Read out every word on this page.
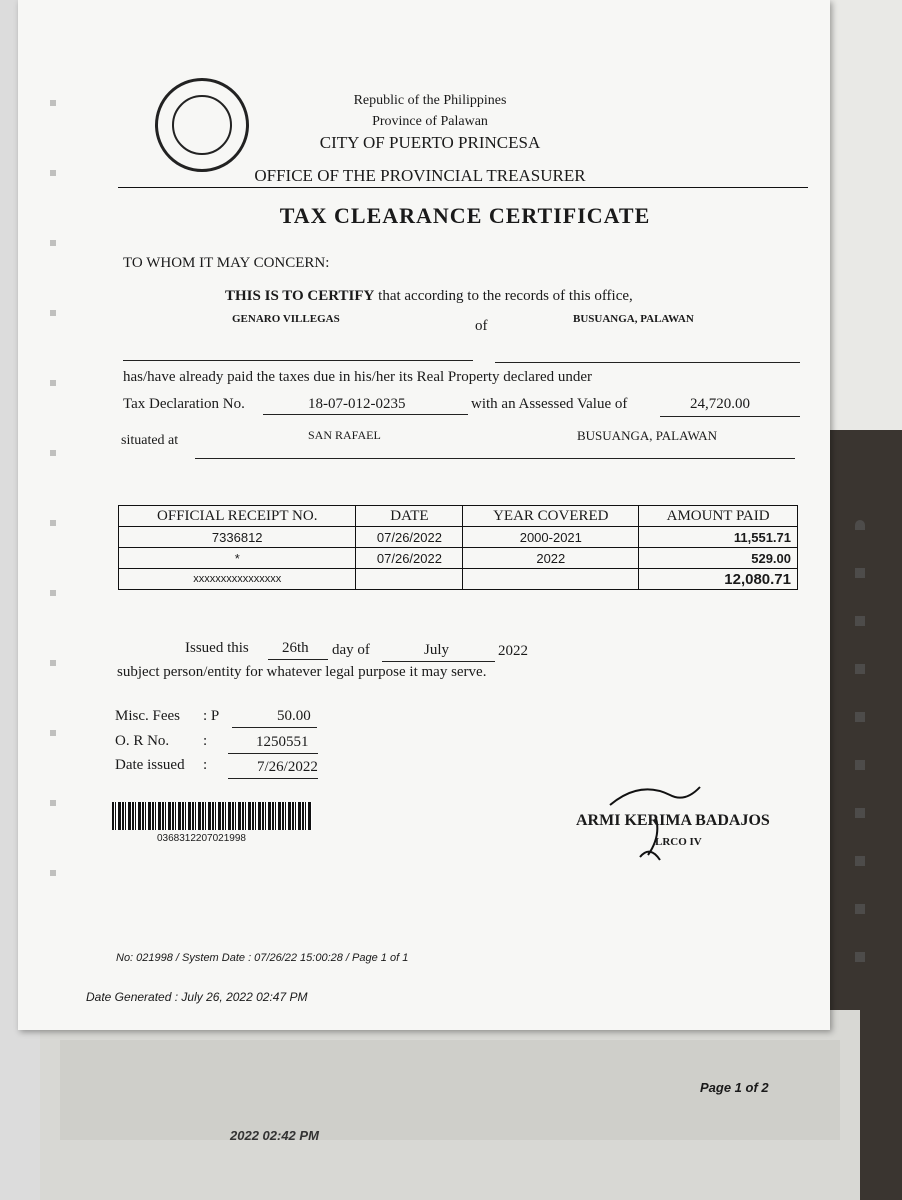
Page 1 of 2
2022 02:42 PM
Republic of the Philippines
Province of Palawan
CITY OF PUERTO PRINCESA
OFFICE OF THE PROVINCIAL TREASURER
TAX CLEARANCE CERTIFICATE
TO WHOM IT MAY CONCERN:
THIS IS TO CERTIFY that according to the records of this office,
GENARO VILLEGAS	of	BUSUANGA, PALAWAN
has/have already paid the taxes due in his/her its Real Property declared under
Tax Declaration No.	18-07-012-0235	with an Assessed Value of	24,720.00
situated at	SAN RAFAEL	BUSUANGA, PALAWAN
OFFICIAL RECEIPT NO.	DATE	YEAR COVERED	AMOUNT PAID
7336812	07/26/2022	2000-2021	11,551.71
*	07/26/2022	2022	529.00
xxxxxxxxxxxxxxxx			12,080.71
Issued this 26th day of	July	2022
subject person/entity for whatever legal purpose it may serve.
Misc. Fees : P	50.00
O. R No. :	1250551
Date issued :	7/26/2022
0368312207021998
ARMI KERIMA BADAJOS
LRCO IV
No: 021998 / System Date : 07/26/22 15:00:28 / Page 1 of 1
Date Generated : July 26, 2022 02:47 PM
